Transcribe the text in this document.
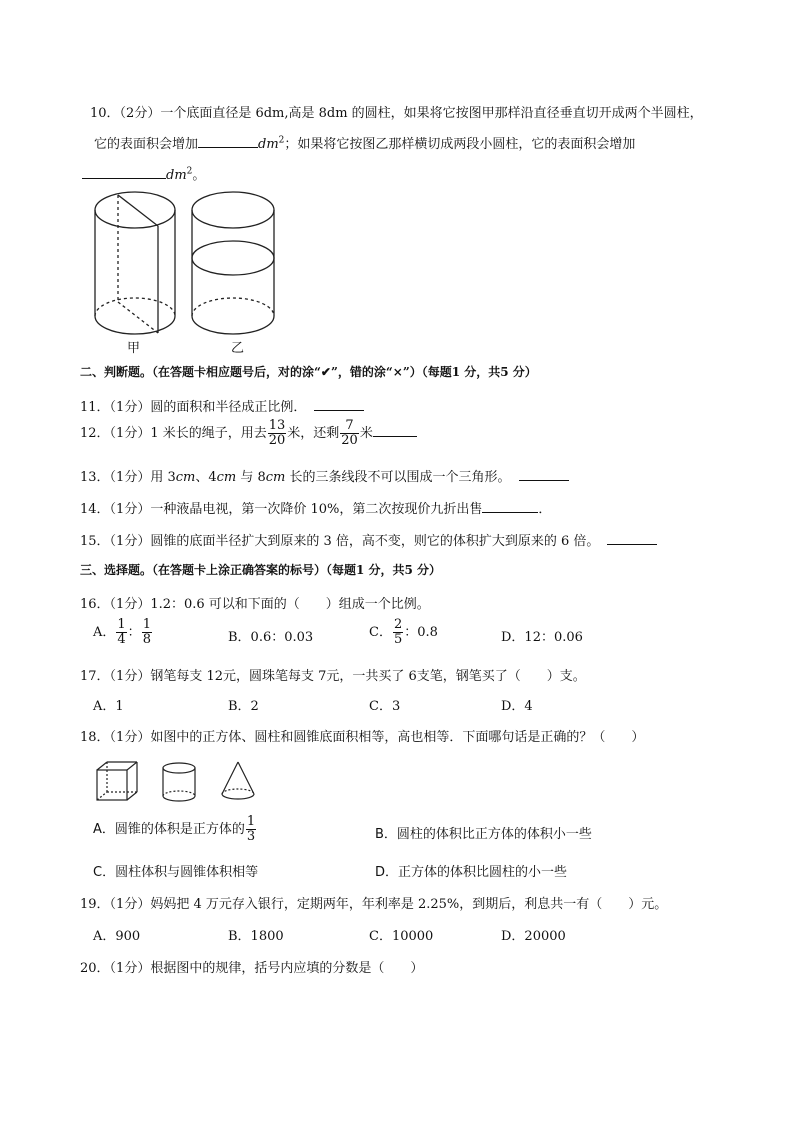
10．（2分）一个底面直径是 6dm,高是 8dm 的圆柱，如果将它按图甲那样沿直径垂直切开成两个半圆柱，
它的表面积会增加	$dm^2$；如果将它按图乙那样横切成两段小圆柱，它的表面积会增加
$dm^2$。
甲	乙
二、判断题。（在答题卡相应题号后，对的涂“✔”，错的涂“×”）（每题1 分，共5 分）
11．（1分）圆的面积和半径成正比例．
12．（1分）1 米长的绳子，用去 $\frac{13}{20}$ 米，还剩 $\frac{7}{20}$ 米
13．（1分）用 3cm、4cm 与 8cm 长的三条线段不可以围成一个三角形。
14．（1分）一种液晶电视，第一次降价 10%，第二次按现价九折出售	．
15．（1分）圆锥的底面半径扩大到原来的 3 倍，高不变，则它的体积扩大到原来的 6 倍。
三、选择题。（在答题卡上涂正确答案的标号）（每题1 分，共5 分）
16．（1分）1.2：0.6 可以和下面的（　　）组成一个比例。
A． $\frac{1}{4}$ ： $\frac{1}{8}$	B．0.6：0.03	C． $\frac{2}{5}$ ：0.8	D．12：0.06
17．（1分）钢笔每支 12元，圆珠笔每支 7元，一共买了 6支笔，钢笔买了（　　）支。
A．1	B．2	C．3	D．4
18．（1分）如图中的正方体、圆柱和圆锥底面积相等，高也相等．下面哪句话是正确的？（　　）
A．圆锥的体积是正方体的 $\frac{1}{3}$	B．圆柱的体积比正方体的体积小一些
C．圆柱体积与圆锥体积相等	D．正方体的体积比圆柱的小一些
19．（1分）妈妈把 4 万元存入银行，定期两年，年利率是 2.25%，到期后，利息共一有（　　）元。
A．900	B．1800	C．10000	D．20000
20．（1分）根据图中的规律，括号内应填的分数是（　　）
